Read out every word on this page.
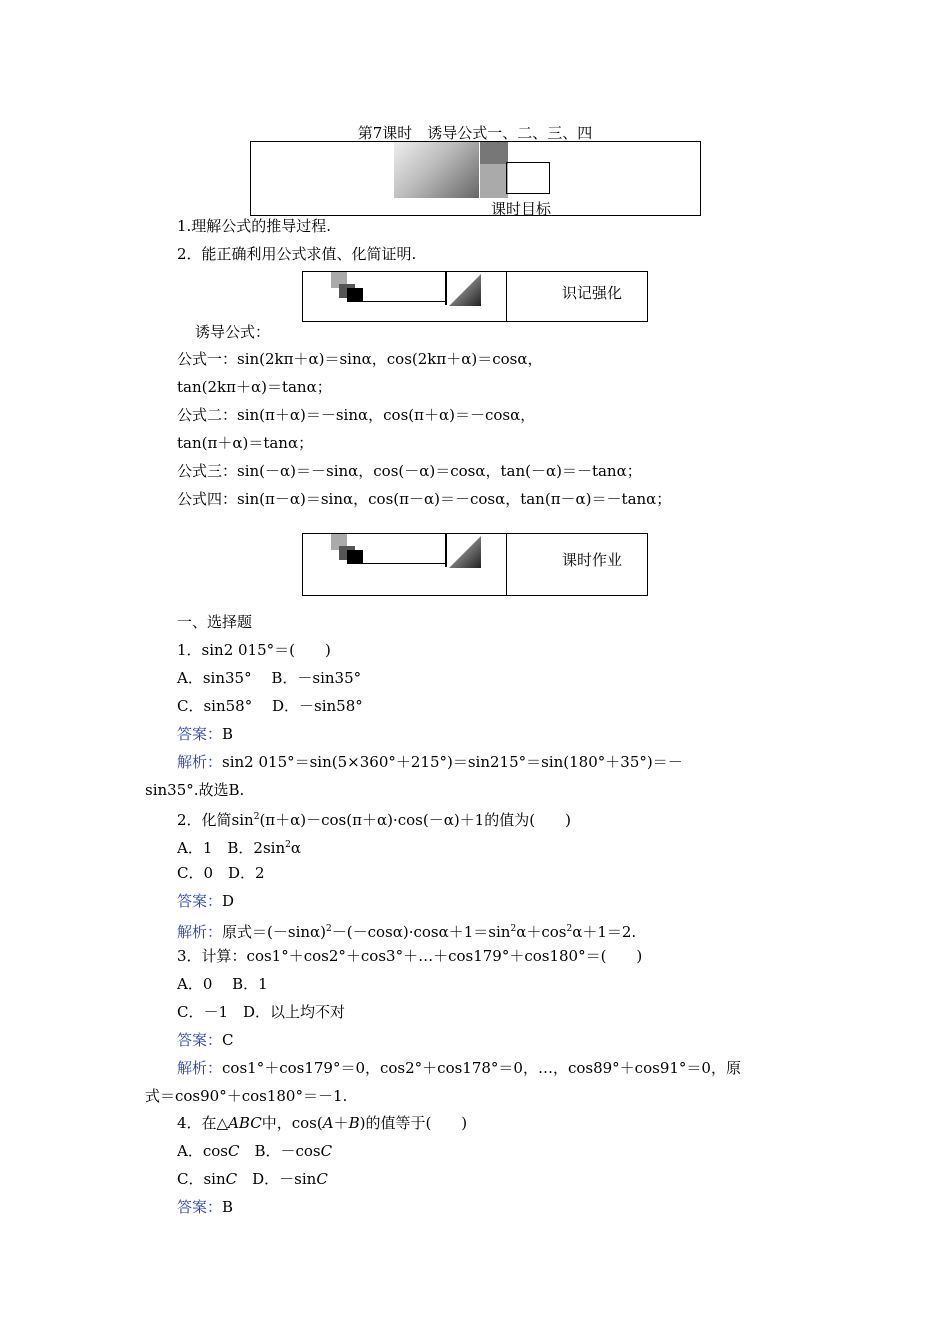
第7课时　诱导公式一、二、三、四
课时目标
1.理解公式的推导过程.
2．能正确利用公式求值、化简证明.
识记强化
诱导公式：
公式一：sin(2kπ＋α)＝sinα，cos(2kπ＋α)＝cosα，
tan(2kπ＋α)＝tanα；
公式二：sin(π＋α)＝－sinα，cos(π＋α)＝－cosα，
tan(π＋α)＝tanα；
公式三：sin(－α)＝－sinα，cos(－α)＝cosα，tan(－α)＝－tanα；
公式四：sin(π－α)＝sinα，cos(π－α)＝－cosα，tan(π－α)＝－tanα；
课时作业
一、选择题
1．sin2 015°＝(　　)
A．sin35°　 B．－sin35°
C．sin58°　 D．－sin58°
答案：B
解析：sin2 015°＝sin(5×360°＋215°)＝sin215°＝sin(180°＋35°)＝－
sin35°.故选B.
2．化简$\sin^2(\pi+\alpha)-\cos(\pi+\alpha)\cdot\cos(-\alpha)+1$的值为(　　)
A．1　B．$2\sin^2\alpha$
C．0　D．2
答案：D
解析：原式$=(-\sin\alpha)^2-(-\cos\alpha)\cdot\cos\alpha+1=\sin^2\alpha+\cos^2\alpha+1=2$.
3．计算：cos1°＋cos2°＋cos3°＋…＋cos179°＋cos180°＝(　　)
A．0　 B．1
C．－1　D．以上均不对
答案：C
解析：cos1°＋cos179°＝0，cos2°＋cos178°＝0，…，cos89°＋cos91°＝0，原
式＝cos90°＋cos180°＝－1.
4．在△ABC中，cos(A＋B)的值等于(　　)
A．cosC　B．－cosC
C．sinC　D．－sinC
答案：B
